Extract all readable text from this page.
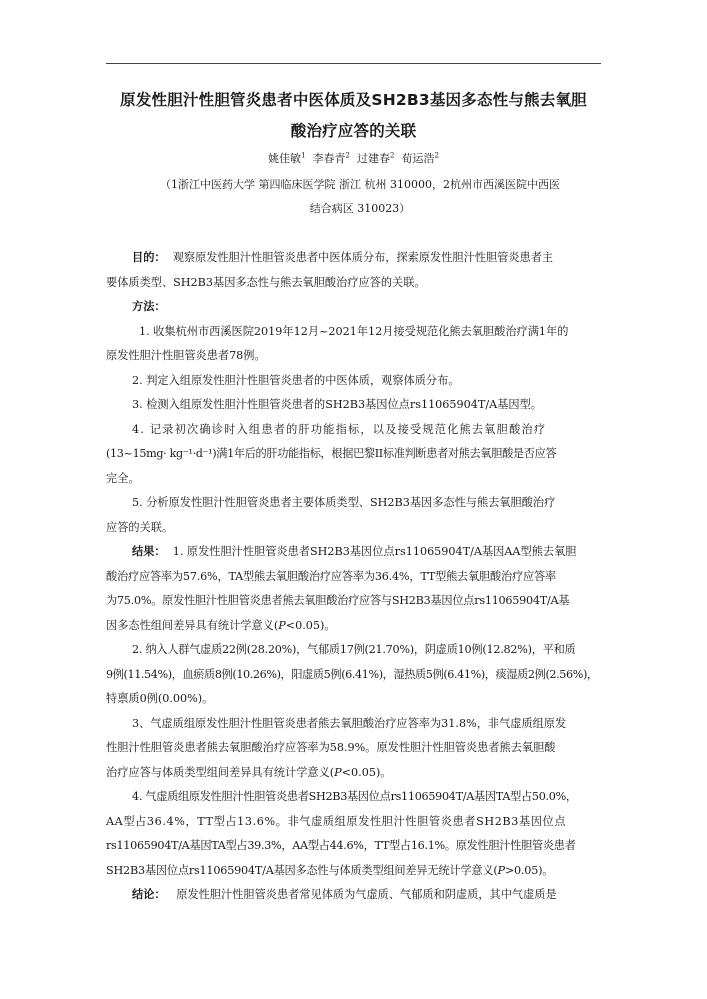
原发性胆汁性胆管炎患者中医体质及SH2B3基因多态性与熊去氧胆
酸治疗应答的关联
姚佳敏$^1$ 李春青$^2$ 过建春$^2$ 荀运浩$^2$
（1浙江中医药大学 第四临床医学院 浙江 杭州 310000，2杭州市西溪医院中西医
结合病区 310023）
目的： 观察原发性胆汁性胆管炎患者中医体质分布，探索原发性胆汁性胆管炎患者主
要体质类型、SH2B3基因多态性与熊去氧胆酸治疗应答的关联。
方法：
1. 收集杭州市西溪医院2019年12月~2021年12月接受规范化熊去氧胆酸治疗满1年的
原发性胆汁性胆管炎患者78例。
2. 判定入组原发性胆汁性胆管炎患者的中医体质，观察体质分布。
3. 检测入组原发性胆汁性胆管炎患者的SH2B3基因位点rs11065904T/A基因型。
4. 记录初次确诊时入组患者的肝功能指标，以及接受规范化熊去氧胆酸治疗
(13~15mg· kg⁻¹·d⁻¹)满1年后的肝功能指标，根据巴黎II标准判断患者对熊去氧胆酸是否应答
完全。
5. 分析原发性胆汁性胆管炎患者主要体质类型、SH2B3基因多态性与熊去氧胆酸治疗
应答的关联。
结果： 1. 原发性胆汁性胆管炎患者SH2B3基因位点rs11065904T/A基因AA型熊去氧胆
酸治疗应答率为57.6%，TA型熊去氧胆酸治疗应答率为36.4%，TT型熊去氧胆酸治疗应答率
为75.0%。原发性胆汁性胆管炎患者熊去氧胆酸治疗应答与SH2B3基因位点rs11065904T/A基
因多态性组间差异具有统计学意义(P<0.05)。
2. 纳入人群气虚质22例(28.20%)，气郁质17例(21.70%)，阴虚质10例(12.82%)，平和质
9例(11.54%)，血瘀质8例(10.26%)，阳虚质5例(6.41%)，湿热质5例(6.41%)，痰湿质2例(2.56%)，
特禀质0例(0.00%)。
3、气虚质组原发性胆汁性胆管炎患者熊去氧胆酸治疗应答率为31.8%，非气虚质组原发
性胆汁性胆管炎患者熊去氧胆酸治疗应答率为58.9%。原发性胆汁性胆管炎患者熊去氧胆酸
治疗应答与体质类型组间差异具有统计学意义(P<0.05)。
4. 气虚质组原发性胆汁性胆管炎患者SH2B3基因位点rs11065904T/A基因TA型占50.0%，
AA型占36.4%，TT型占13.6%。非气虚质组原发性胆汁性胆管炎患者SH2B3基因位点
rs11065904T/A基因TA型占39.3%，AA型占44.6%，TT型占16.1%。原发性胆汁性胆管炎患者
SH2B3基因位点rs11065904T/A基因多态性与体质类型组间差异无统计学意义(P>0.05)。
结论： 原发性胆汁性胆管炎患者常见体质为气虚质、气郁质和阴虚质，其中气虚质是
